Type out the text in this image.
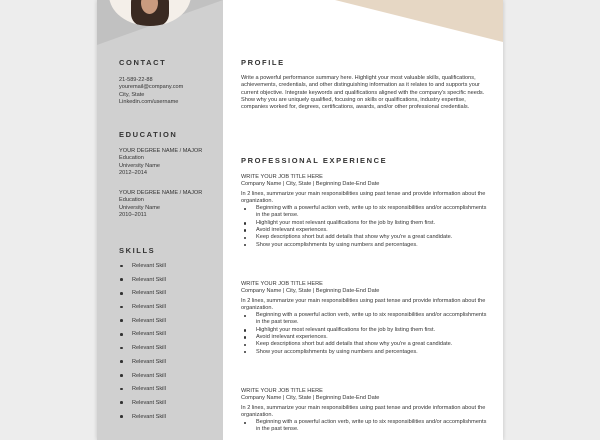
CONTACT
21-589-22-88
youremail@company.com
City, State
Linkedin.com/username
EDUCATION
YOUR DEGREE NAME / MAJOR
Education
University Name
2012–2014
YOUR DEGREE NAME / MAJOR
Education
University Name
2010–2011
SKILLS
Relevant Skill
Relevant Skill
Relevant Skill
Relevant Skill
Relevant Skill
Relevant Skill
Relevant Skill
Relevant Skill
Relevant Skill
Relevant Skill
Relevant Skill
Relevant Skill
PROFILE
Write a powerful performance summary here. Highlight your most valuable skills, qualifications, achievements, credentials, and other distinguishing information as it relates to and supports your current objective. Integrate keywords and qualifications aligned with the company's specific needs. Show why you are uniquely qualified, focusing on skills or qualifications, industry expertise, companies worked for, degrees, certifications, awards, and/or other professional credentials.
PROFESSIONAL EXPERIENCE
WRITE YOUR JOB TITLE HERE
Company Name | City, State | Beginning Date-End Date
In 2 lines, summarize your main responsibilities using past tense and provide information about the organization.
Beginning with a powerful action verb, write up to six responsibilities and/or accomplishments in the past tense.
Highlight your most relevant qualifications for the job by listing them first.
Avoid irrelevant experiences.
Keep descriptions short but add details that show why you're a great candidate.
Show your accomplishments by using numbers and percentages.
WRITE YOUR JOB TITLE HERE
Company Name | City, State | Beginning Date-End Date
In 2 lines, summarize your main responsibilities using past tense and provide information about the organization.
Beginning with a powerful action verb, write up to six responsibilities and/or accomplishments in the past tense.
Highlight your most relevant qualifications for the job by listing them first.
Avoid irrelevant experiences.
Keep descriptions short but add details that show why you're a great candidate.
Show your accomplishments by using numbers and percentages.
WRITE YOUR JOB TITLE HERE
Company Name | City, State | Beginning Date-End Date
In 2 lines, summarize your main responsibilities using past tense and provide information about the organization.
Beginning with a powerful action verb, write up to six responsibilities and/or accomplishments in the past tense.
